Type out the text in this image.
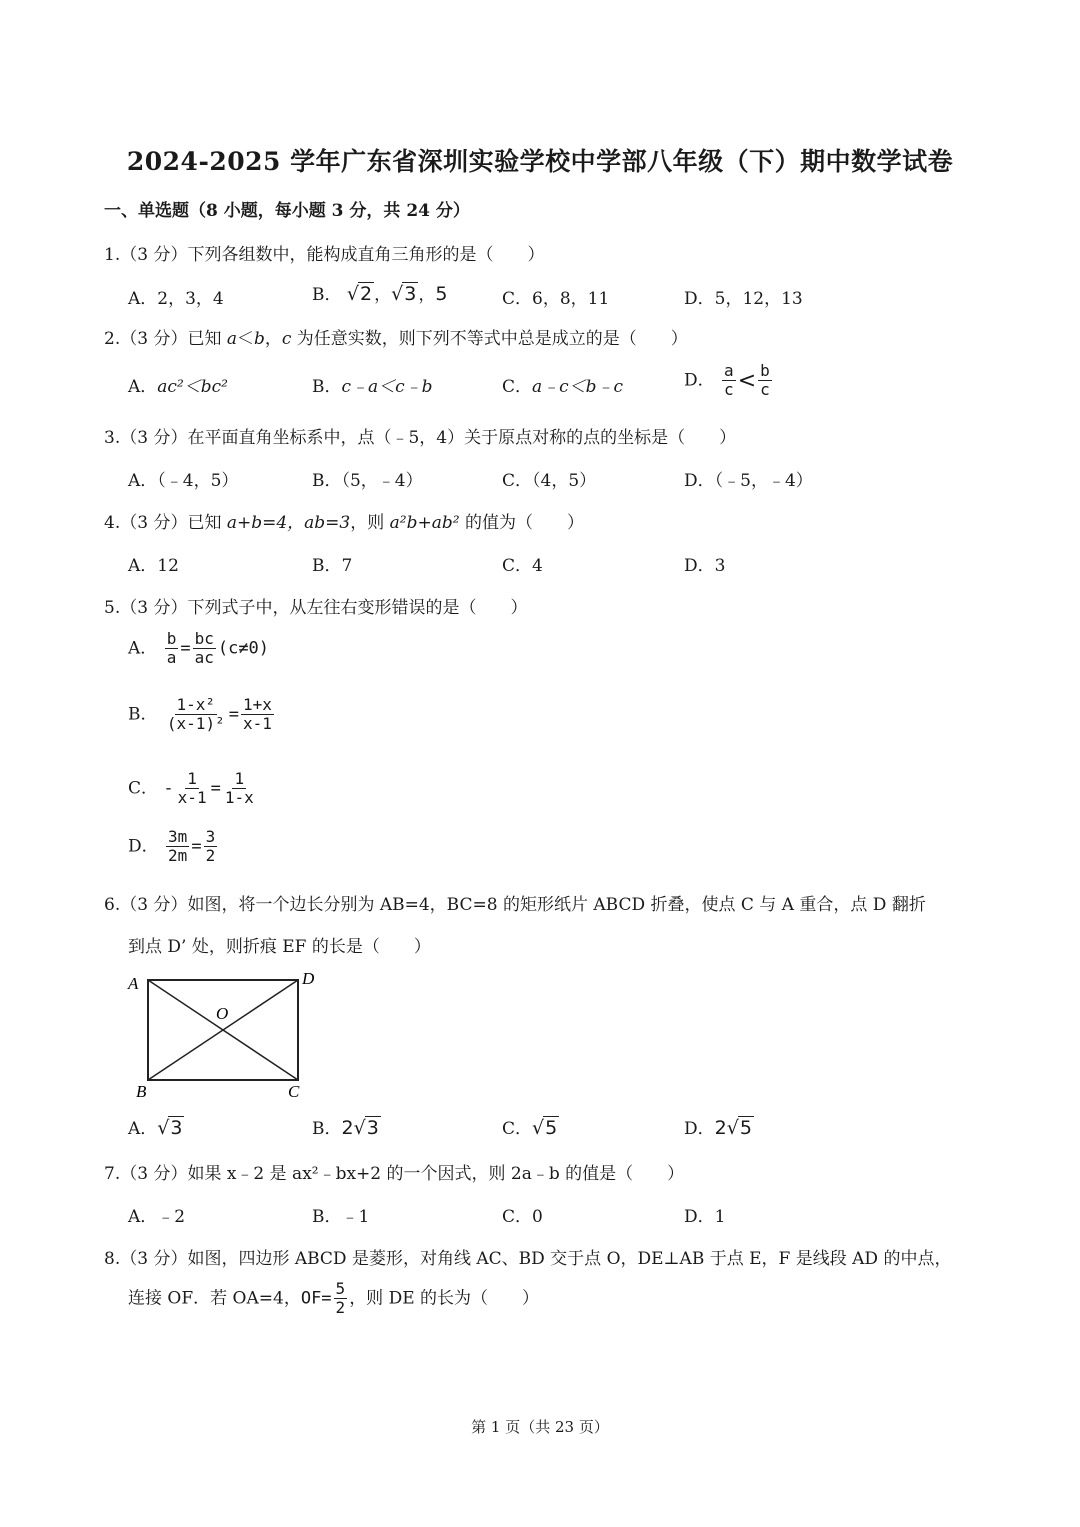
2024-2025 学年广东省深圳实验学校中学部八年级（下）期中数学试卷
一、单选题（8 小题，每小题 3 分，共 24 分）
1.（3 分）下列各组数中，能构成直角三角形的是（　　）
A．2，3，4	B． √2 ，√3 ，5	C．6，8，11	D．5，12，13
2.（3 分）已知 a＜b，c 为任意实数，则下列不等式中总是成立的是（　　）
A．ac²＜bc²	B．c﹣a＜c﹣b	C．a﹣c＜b﹣c	D． $\frac{a}{c} < \frac{b}{c}$
3.（3 分）在平面直角坐标系中，点（﹣5，4）关于原点对称的点的坐标是（　　）
A．（﹣4，5）	B．（5，﹣4）	C．（4，5）	D．（﹣5，﹣4）
4.（3 分）已知 a+b=4，ab=3，则 a²b+ab² 的值为（　　）
A．12	B．7	C．4	D．3
5.（3 分）下列式子中，从左往右变形错误的是（　　）
A． $\frac{b}{a} = \frac{bc}{ac} (c\ne 0)$
B． $\frac{\text{1-x²}}{\text{(x-1)²}} = \frac{1+x}{x-1}$
C． - $\frac{1}{x-1} = \frac{1}{1-x}$
D． $\frac{3m}{2m} = \frac{3}{2}$
6.（3 分）如图，将一个边长分别为 AB=4，BC=8 的矩形纸片 ABCD 折叠，使点 C 与 A 重合，点 D 翻折
到点 D’ 处，则折痕 EF 的长是（　　）
A	D
O
B	C
A．√3	B．2√3	C．√5	D．2√5
7.（3 分）如果 x﹣2 是 ax²﹣bx+2 的一个因式，则 2a﹣b 的值是（　　）
A．﹣2	B．﹣1	C．0	D．1
8.（3 分）如图，四边形 ABCD 是菱形，对角线 AC、BD 交于点 O，DE⊥AB 于点 E，F 是线段 AD 的中点，
连接 OF．若 OA=4，$OF= \frac{5}{2}$ ，则 DE 的长为（　　）
第 1 页（共 23 页）
